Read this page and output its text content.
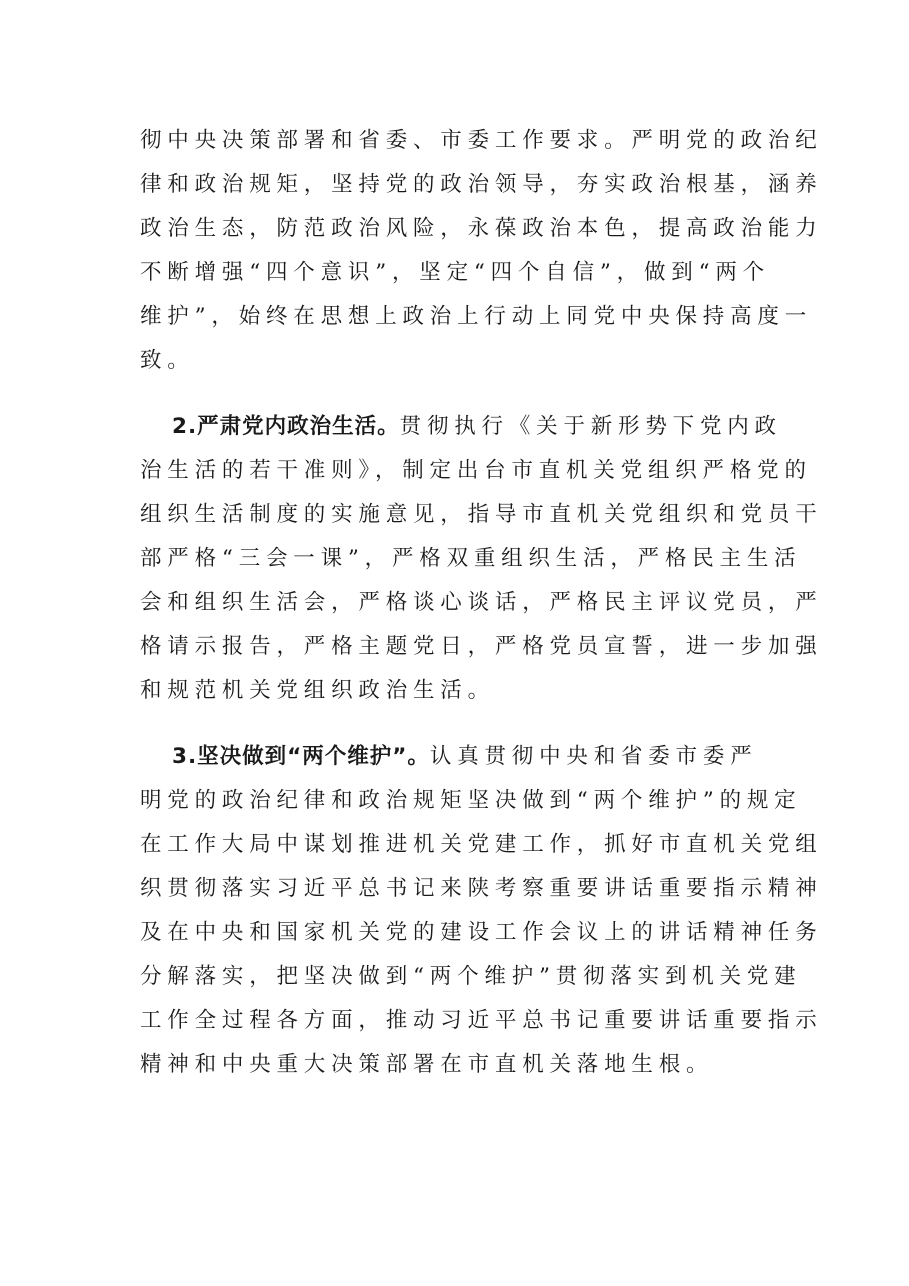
彻中央决策部署和省委、市委工作要求。严明党的政治纪
律和政治规矩，坚持党的政治领导，夯实政治根基，涵养
政治生态，防范政治风险，永葆政治本色，提高政治能力
不断增强“四个意识”，坚定“四个自信”，做到“两个
维护”，始终在思想上政治上行动上同党中央保持高度一
致。
2.严肃党内政治生活。贯彻执行《关于新形势下党内政
治生活的若干准则》，制定出台市直机关党组织严格党的
组织生活制度的实施意见，指导市直机关党组织和党员干
部严格“三会一课”，严格双重组织生活，严格民主生活
会和组织生活会，严格谈心谈话，严格民主评议党员，严
格请示报告，严格主题党日，严格党员宣誓，进一步加强
和规范机关党组织政治生活。
3.坚决做到“两个维护”。认真贯彻中央和省委市委严
明党的政治纪律和政治规矩坚决做到“两个维护”的规定
在工作大局中谋划推进机关党建工作，抓好市直机关党组
织贯彻落实习近平总书记来陕考察重要讲话重要指示精神
及在中央和国家机关党的建设工作会议上的讲话精神任务
分解落实，把坚决做到“两个维护”贯彻落实到机关党建
工作全过程各方面，推动习近平总书记重要讲话重要指示
精神和中央重大决策部署在市直机关落地生根。
